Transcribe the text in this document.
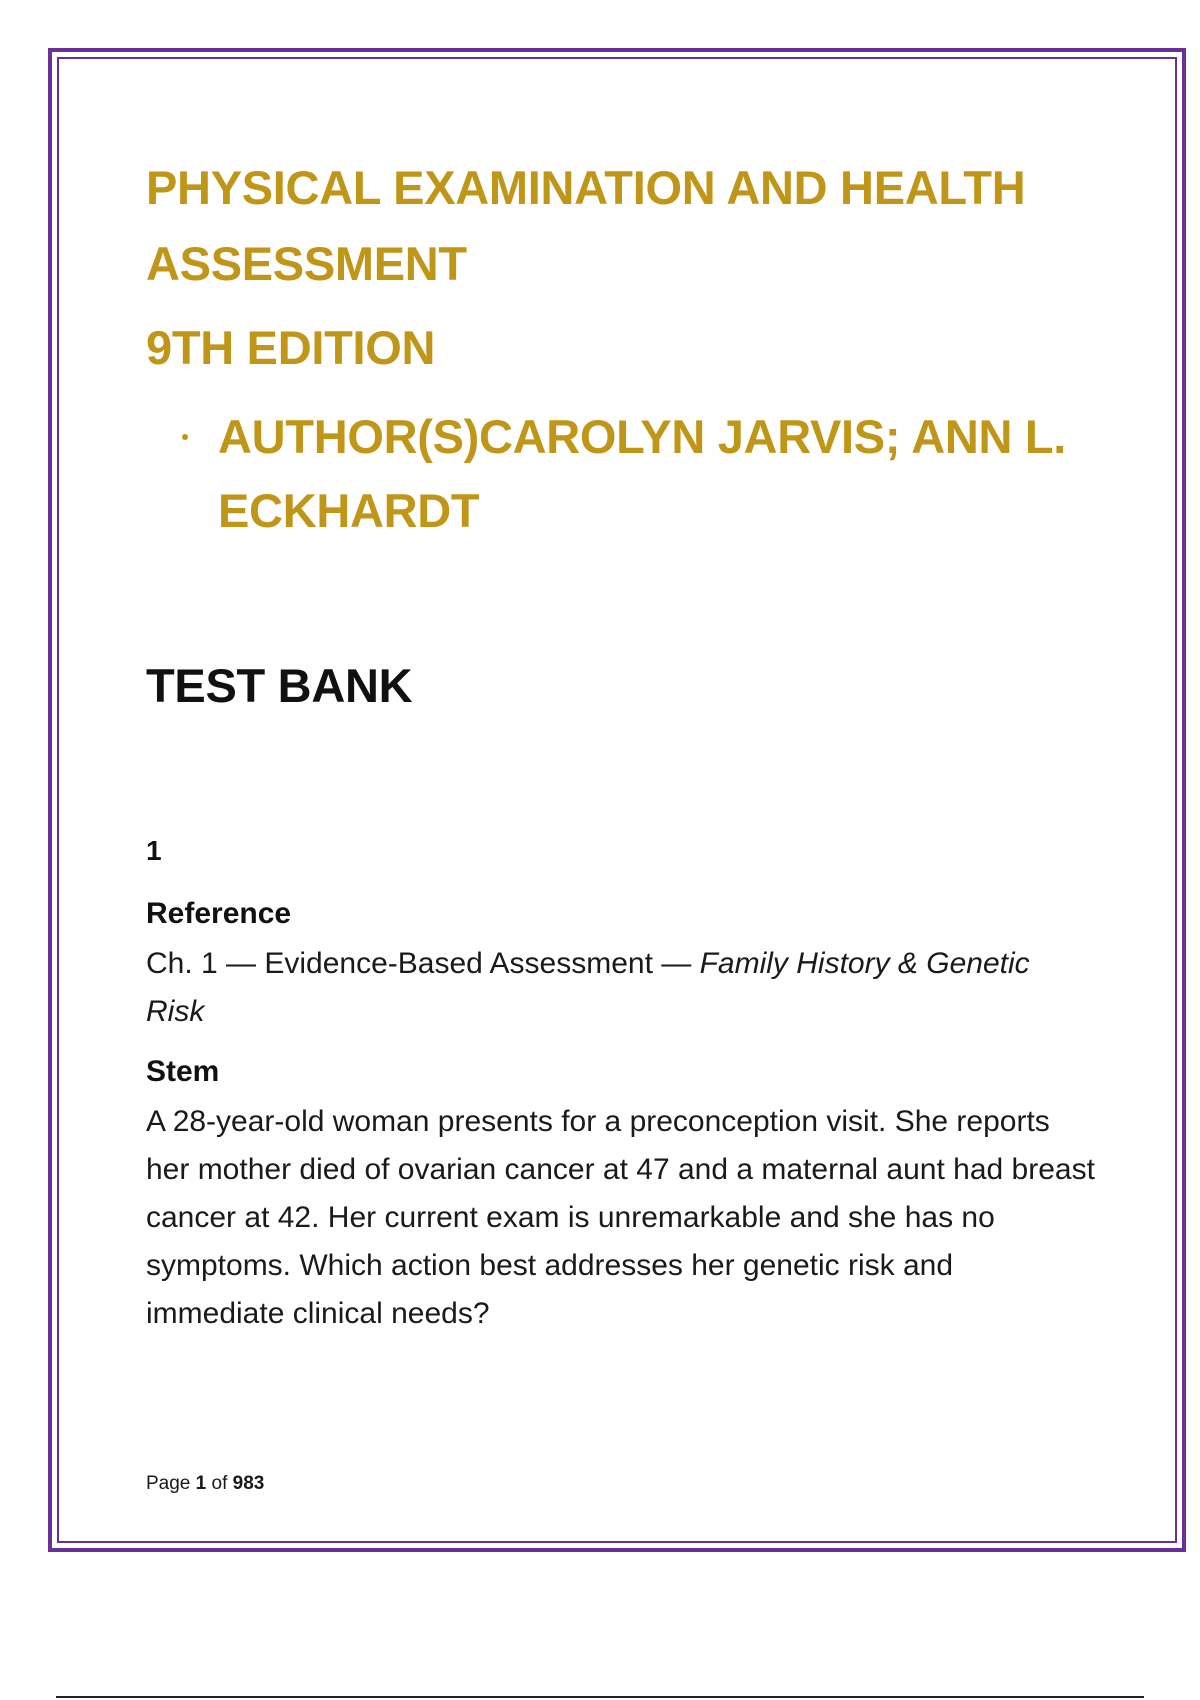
PHYSICAL EXAMINATION AND HEALTH ASSESSMENT
9TH EDITION
AUTHOR(S)CAROLYN JARVIS; ANN L. ECKHARDT
TEST BANK
1
Reference
Ch. 1 — Evidence-Based Assessment — Family History & Genetic Risk
Stem
A 28-year-old woman presents for a preconception visit. She reports her mother died of ovarian cancer at 47 and a maternal aunt had breast cancer at 42. Her current exam is unremarkable and she has no symptoms. Which action best addresses her genetic risk and immediate clinical needs?
Page 1 of 983
